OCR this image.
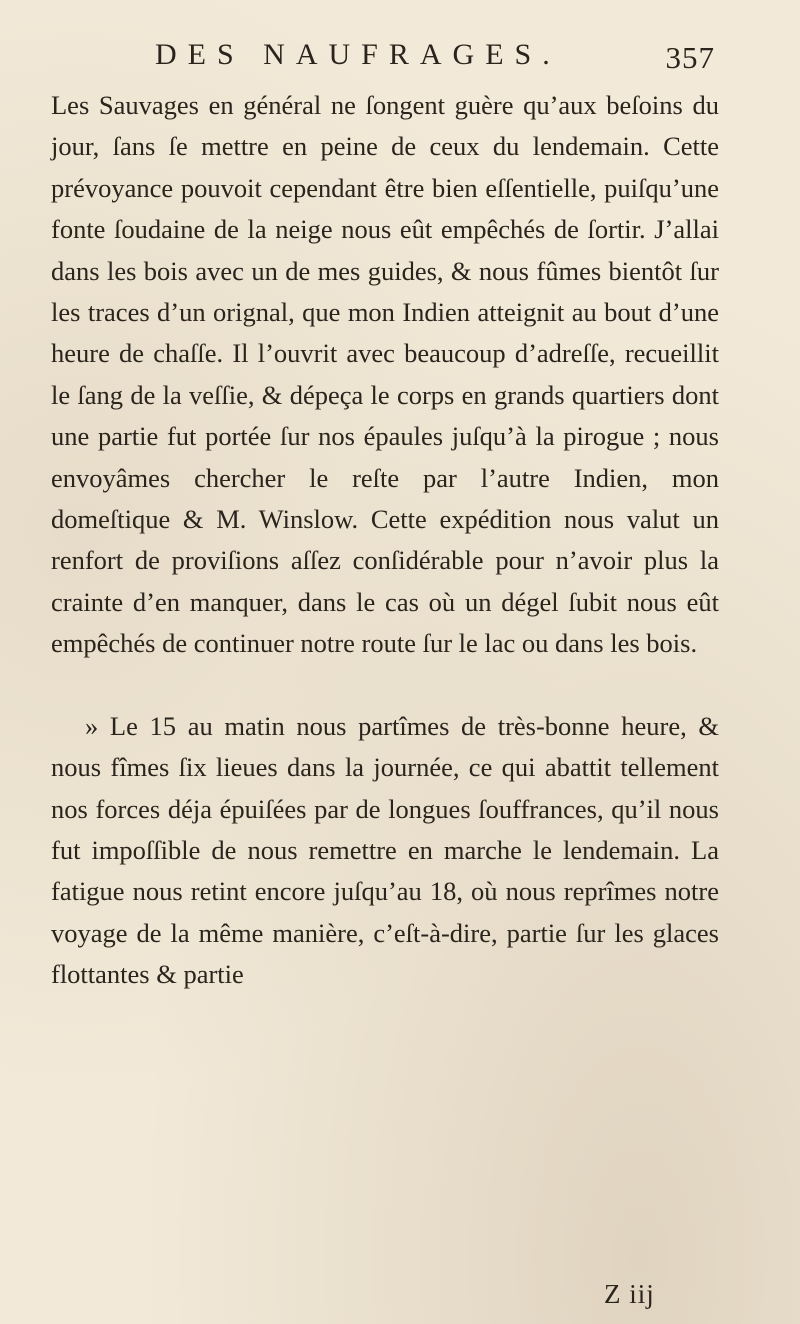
DES NAUFRAGES.	357

Les Sauvages en général ne ſongent guère qu’aux beſoins du jour, ſans ſe mettre en peine de ceux du lendemain. Cette prévoyance pouvoit cependant être bien eſſentielle, puiſqu’une fonte ſoudaine de la neige nous eût empêchés de ſortir. J’allai dans les bois avec un de mes guides, & nous fûmes bientôt ſur les traces d’un orignal, que mon Indien atteignit au bout d’une heure de chaſſe. Il l’ouvrit avec beaucoup d’adreſſe, recueillit le ſang de la veſſie, & dépeça le corps en grands quartiers dont une partie fut portée ſur nos épaules juſqu’à la pirogue ; nous envoyâmes chercher le reſte par l’autre Indien, mon domeſtique & M. Winslow. Cette expédition nous valut un renfort de proviſions aſſez conſidérable pour n’avoir plus la crainte d’en manquer, dans le cas où un dégel ſubit nous eût empêchés de continuer notre route ſur le lac ou dans les bois.

» Le 15 au matin nous partîmes de très-bonne heure, & nous fîmes ſix lieues dans la journée, ce qui abattit tellement nos forces déja épuiſées par de longues ſouffrances, qu’il nous fut impoſſible de nous remettre en marche le lendemain. La fatigue nous retint encore juſqu’au 18, où nous reprîmes notre voyage de la même manière, c’eſt-à-dire, partie ſur les glaces flottantes & partie

Z iij
